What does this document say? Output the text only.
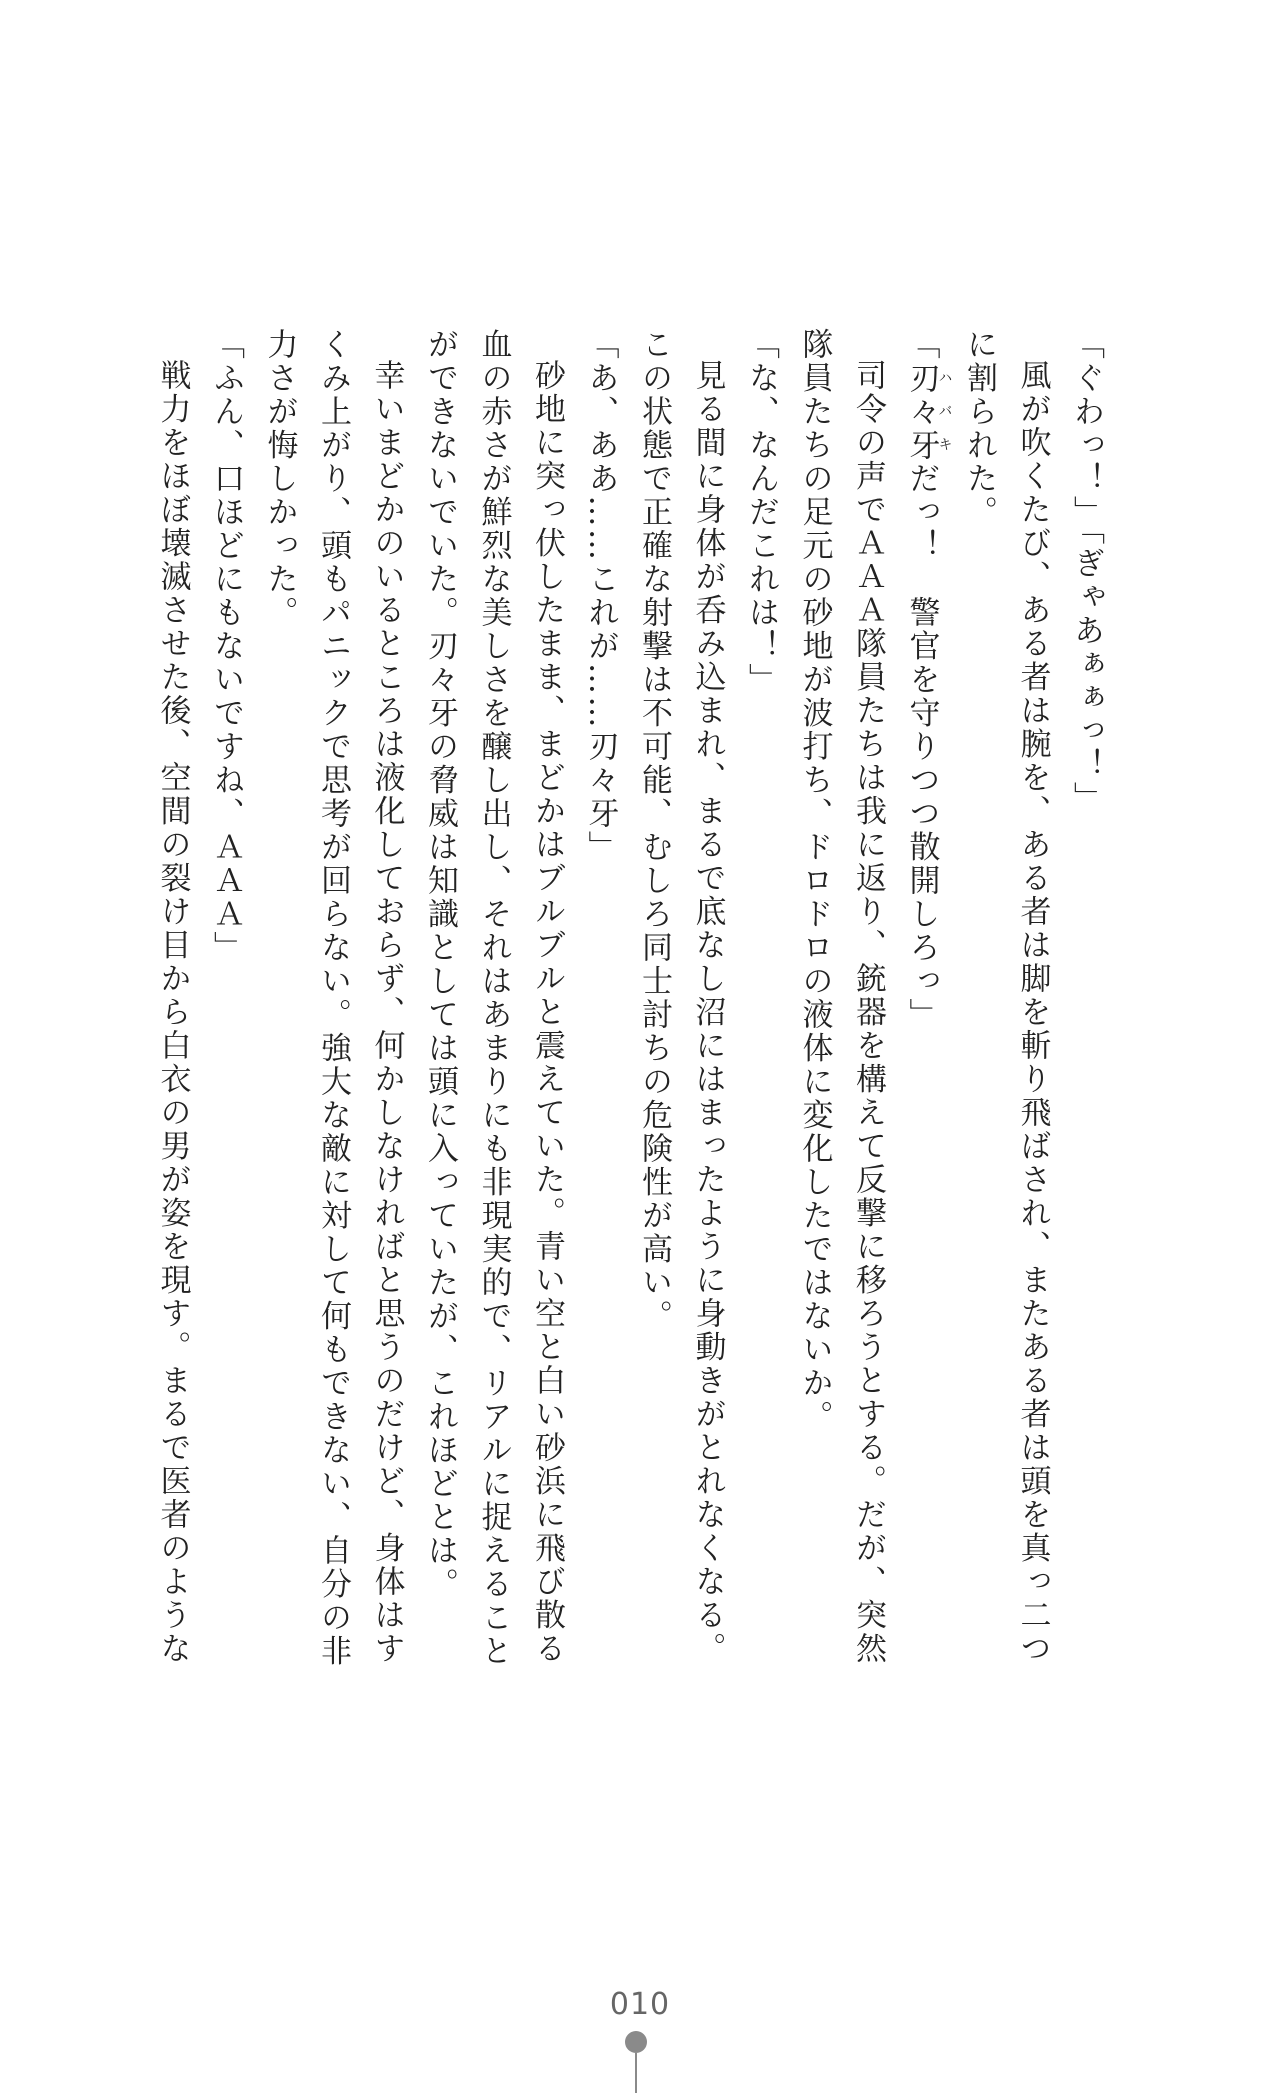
「ぐわっ！」「ぎゃあぁぁっ！」
風が吹くたび、ある者は腕を、ある者は脚を斬り飛ばされ、またある者は頭を真っ二つ
に割られた。
「刃々牙ハバキだっ！　警官を守りつつ散開しろっ」
司令の声でＡＡＡ隊員たちは我に返り、銃器を構えて反撃に移ろうとする。だが、突然
隊員たちの足元の砂地が波打ち、ドロドロの液体に変化したではないか。
「な、なんだこれは！」
見る間に身体が呑み込まれ、まるで底なし沼にはまったように身動きがとれなくなる。
この状態で正確な射撃は不可能、むしろ同士討ちの危険性が高い。
「あ、ああ……これが……刃々牙」
砂地に突っ伏したまま、まどかはブルブルと震えていた。青い空と白い砂浜に飛び散る
血の赤さが鮮烈な美しさを醸し出し、それはあまりにも非現実的で、リアルに捉えること
ができないでいた。刃々牙の脅威は知識としては頭に入っていたが、これほどとは。
幸いまどかのいるところは液化しておらず、何かしなければと思うのだけど、身体はす
くみ上がり、頭もパニックで思考が回らない。強大な敵に対して何もできない、自分の非
力さが悔しかった。
「ふん、口ほどにもないですね、ＡＡＡ」
戦力をほぼ壊滅させた後、空間の裂け目から白衣の男が姿を現す。まるで医者のような
010
